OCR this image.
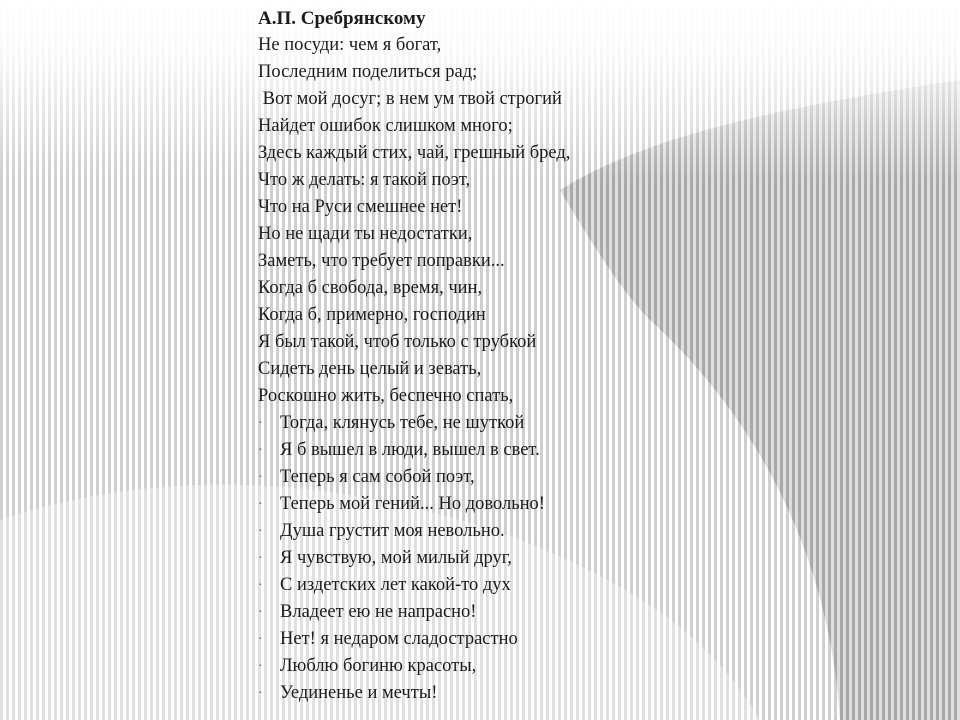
А.П. Сребрянскому
Не посуди: чем я богат,
Последним поделиться рад;
Вот мой досуг; в нем ум твой строгий
Найдет ошибок слишком много;
Здесь каждый стих, чай, грешный бред,
Что ж делать: я такой поэт,
Что на Руси смешнее нет!
Но не щади ты недостатки,
Заметь, что требует поправки...
Когда б свобода, время, чин,
Когда б, примерно, господин
Я был такой, чтоб только с трубкой
Сидеть день целый и зевать,
Роскошно жить, беспечно спать,
· Тогда, клянусь тебе, не шуткой
· Я б вышел в люди, вышел в свет.
· Теперь я сам собой поэт,
· Теперь мой гений... Но довольно!
· Душа грустит моя невольно.
· Я чувствую, мой милый друг,
· С издетских лет какой-то дух
· Владеет ею не напрасно!
· Нет! я недаром сладострастно
· Люблю богиню красоты,
· Уединенье и мечты!
